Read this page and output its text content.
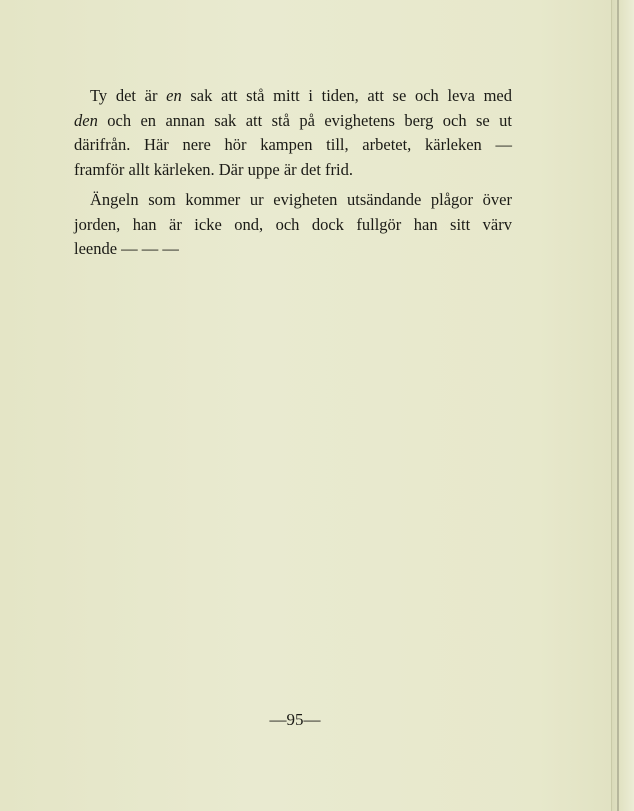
Ty det är en sak att stå mitt i tiden, att se och leva med
den och en annan sak att stå på evighetens berg och se ut
därifrån. Här nere hör kampen till, arbetet, kärleken —
framför allt kärleken. Där uppe är det frid.

Ängeln som kommer ur evigheten utsändande plågor över
jorden, han är icke ond, och dock fullgör han sitt värv
leende — — —

—95—
